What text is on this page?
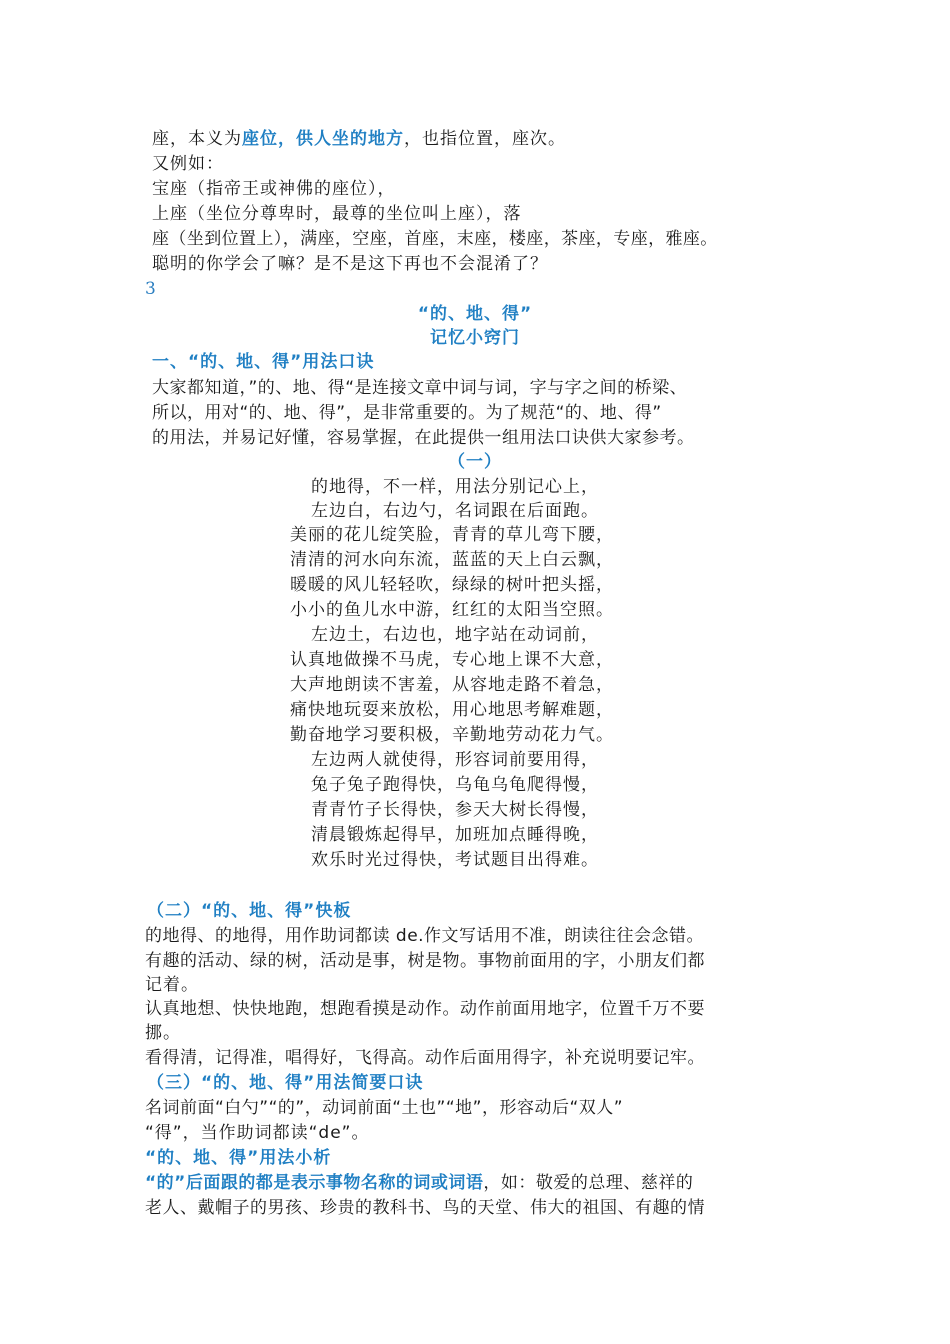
座，本义为座位，供人坐的地方，也指位置，座次。
又例如：
宝座（指帝王或神佛的座位），
上座（坐位分尊卑时，最尊的坐位叫上座），落
座（坐到位置上），满座，空座，首座，末座，楼座，茶座，专座，雅座。
聪明的你学会了嘛？是不是这下再也不会混淆了？
3
“的、地、得”
记忆小窍门
一、“的、地、得”用法口诀
大家都知道，”的、地、得“是连接文章中词与词，字与字之间的桥梁、
所以，用对“的、地、得”，是非常重要的。为了规范“的、地、得”
的用法，并易记好懂，容易掌握，在此提供一组用法口诀供大家参考。
（一）
的地得，不一样，用法分别记心上，
左边白，右边勺，名词跟在后面跑。
美丽的花儿绽笑脸，青青的草儿弯下腰，
清清的河水向东流，蓝蓝的天上白云飘，
暖暖的风儿轻轻吹，绿绿的树叶把头摇，
小小的鱼儿水中游，红红的太阳当空照。
左边土，右边也，地字站在动词前，
认真地做操不马虎，专心地上课不大意，
大声地朗读不害羞，从容地走路不着急，
痛快地玩耍来放松，用心地思考解难题，
勤奋地学习要积极，辛勤地劳动花力气。
左边两人就使得，形容词前要用得，
兔子兔子跑得快，乌龟乌龟爬得慢，
青青竹子长得快，参天大树长得慢，
清晨锻炼起得早，加班加点睡得晚，
欢乐时光过得快，考试题目出得难。
（二）“的、地、得”快板
的地得、的地得，用作助词都读 de.作文写话用不准，朗读往往会念错。
有趣的活动、绿的树，活动是事，树是物。事物前面用的字，小朋友们都
记着。
认真地想、快快地跑，想跑看摸是动作。动作前面用地字，位置千万不要
挪。
看得清，记得准，唱得好，飞得高。动作后面用得字，补充说明要记牢。
（三）“的、地、得”用法简要口诀
名词前面“白勺”“的”，动词前面“土也”“地”，形容动后“双人”
“得”，当作助词都读“de”。
“的、地、得”用法小析
“的”后面跟的都是表示事物名称的词或词语，如：敬爱的总理、慈祥的
老人、戴帽子的男孩、珍贵的教科书、鸟的天堂、伟大的祖国、有趣的情
